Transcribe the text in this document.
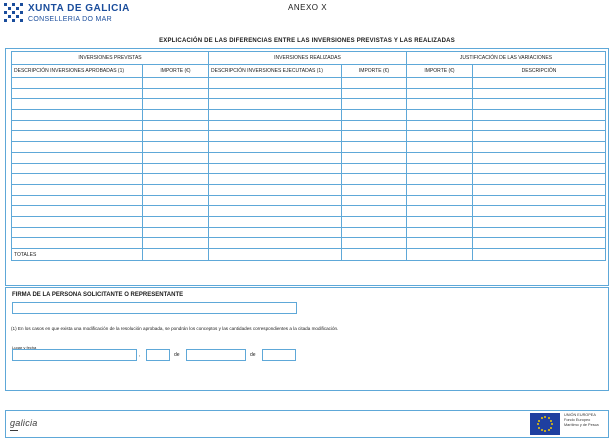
XUNTA DE GALICIA
CONSELLERIA DO MAR
ANEXO X
EXPLICACIÓN DE LAS DIFERENCIAS ENTRE LAS INVERSIONES PREVISTAS Y LAS REALIZADAS
INVERSIONES PREVISTAS		INVERSIONES REALIZADAS		JUSTIFICACIÓN DE LAS VARIACIONES	
DESCRIPCIÓN INVERSIONES APROBADAS (1)	IMPORTE (€)	DESCRIPCIÓN INVERSIONES EJECUTADAS (1)	IMPORTE (€)	IMPORTE (€)	DESCRIPCIÓN

TOTALES					
(1) En los casos en que exista una modificación de la resolución aprobada, se pondrán los conceptos y las cantidades correspondientes a la citada modificación.
FIRMA DE LA PERSONA SOLICITANTE O REPRESENTANTE
Lugar y fecha
,	de	de
galicia
UNIÓN EUROPEA
Fondo Europeo
Marítimo y de Pesca
